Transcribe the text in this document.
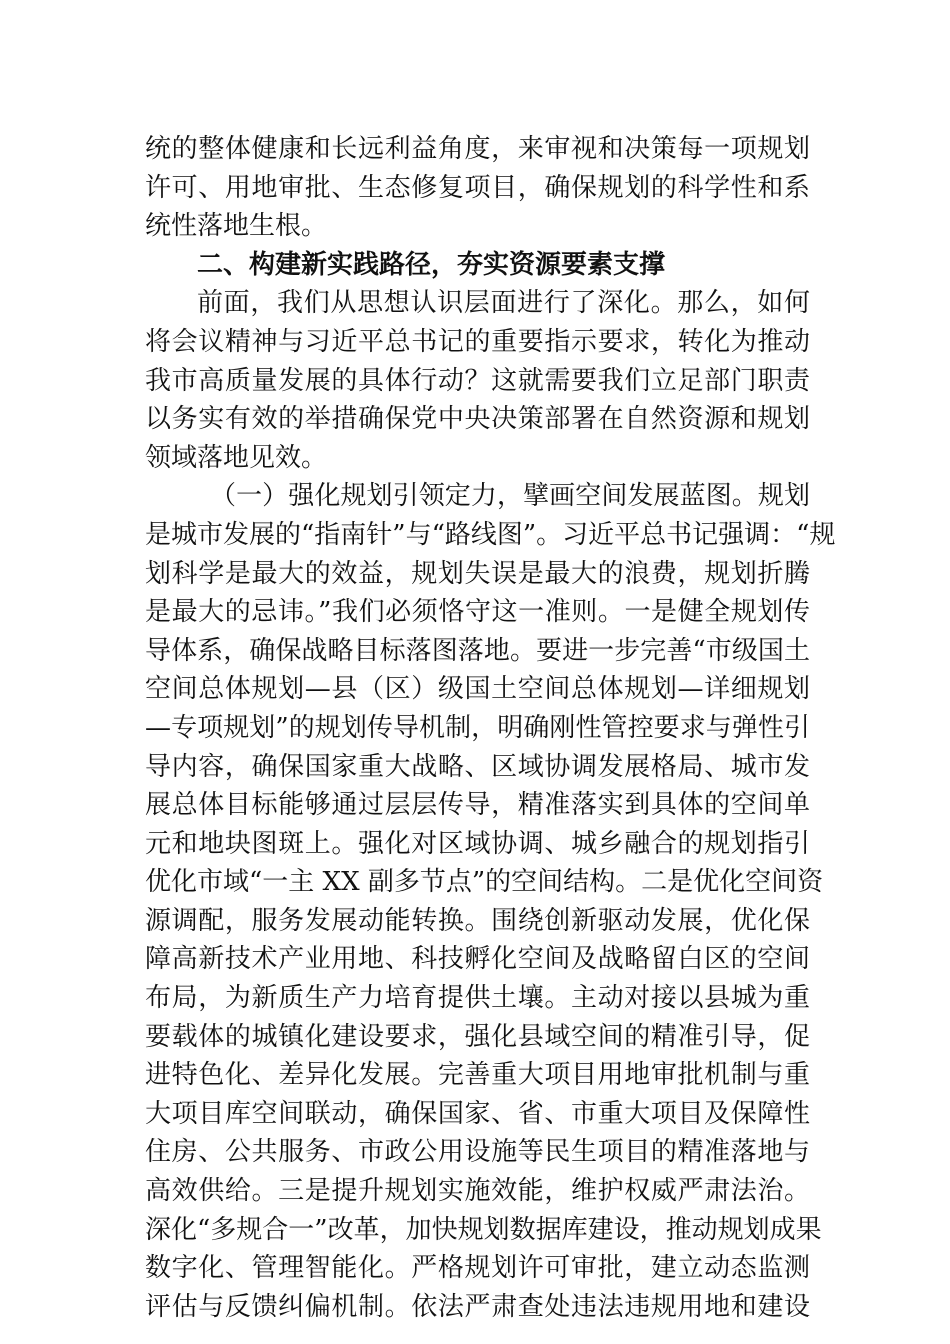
统的整体健康和长远利益角度，来审视和决策每一项规划
许可、用地审批、生态修复项目，确保规划的科学性和系
统性落地生根。
二、构建新实践路径，夯实资源要素支撑
前面，我们从思想认识层面进行了深化。那么，如何
将会议精神与习近平总书记的重要指示要求，转化为推动
我市高质量发展的具体行动？这就需要我们立足部门职责
以务实有效的举措确保党中央决策部署在自然资源和规划
领域落地见效。
（一）强化规划引领定力，擘画空间发展蓝图。规划
是城市发展的“指南针”与“路线图”。习近平总书记强调：“规
划科学是最大的效益，规划失误是最大的浪费，规划折腾
是最大的忌讳。”我们必须恪守这一准则。一是健全规划传
导体系，确保战略目标落图落地。要进一步完善“市级国土
空间总体规划—县（区）级国土空间总体规划—详细规划
—专项规划”的规划传导机制，明确刚性管控要求与弹性引
导内容，确保国家重大战略、区域协调发展格局、城市发
展总体目标能够通过层层传导，精准落实到具体的空间单
元和地块图斑上。强化对区域协调、城乡融合的规划指引
优化市域“一主 XX 副多节点”的空间结构。二是优化空间资
源调配，服务发展动能转换。围绕创新驱动发展，优化保
障高新技术产业用地、科技孵化空间及战略留白区的空间
布局，为新质生产力培育提供土壤。主动对接以县城为重
要载体的城镇化建设要求，强化县域空间的精准引导，促
进特色化、差异化发展。完善重大项目用地审批机制与重
大项目库空间联动，确保国家、省、市重大项目及保障性
住房、公共服务、市政公用设施等民生项目的精准落地与
高效供给。三是提升规划实施效能，维护权威严肃法治。
深化“多规合一”改革，加快规划数据库建设，推动规划成果
数字化、管理智能化。严格规划许可审批，建立动态监测
评估与反馈纠偏机制。依法严肃查处违法违规用地和建设
